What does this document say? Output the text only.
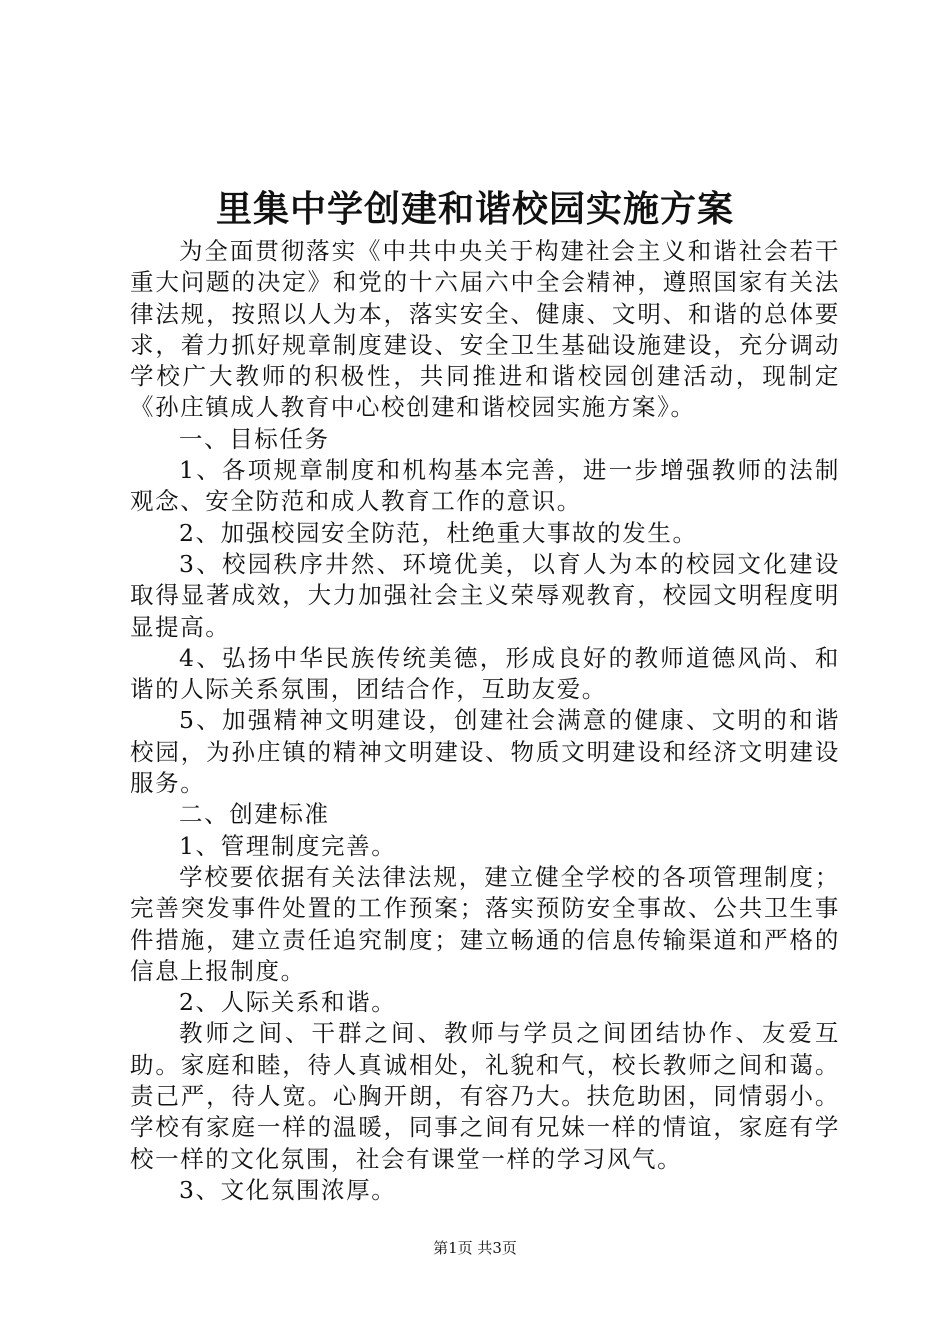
里集中学创建和谐校园实施方案

为全面贯彻落实《中共中央关于构建社会主义和谐社会若干重大问题的决定》和党的十六届六中全会精神，遵照国家有关法律法规，按照以人为本，落实安全、健康、文明、和谐的总体要求，着力抓好规章制度建设、安全卫生基础设施建设，充分调动学校广大教师的积极性，共同推进和谐校园创建活动，现制定《孙庄镇成人教育中心校创建和谐校园实施方案》。

一、目标任务

1、各项规章制度和机构基本完善，进一步增强教师的法制观念、安全防范和成人教育工作的意识。

2、加强校园安全防范，杜绝重大事故的发生。

3、校园秩序井然、环境优美，以育人为本的校园文化建设取得显著成效，大力加强社会主义荣辱观教育，校园文明程度明显提高。

4、弘扬中华民族传统美德，形成良好的教师道德风尚、和谐的人际关系氛围，团结合作，互助友爱。

5、加强精神文明建设，创建社会满意的健康、文明的和谐校园，为孙庄镇的精神文明建设、物质文明建设和经济文明建设服务。

二、创建标准

1、管理制度完善。

学校要依据有关法律法规，建立健全学校的各项管理制度；完善突发事件处置的工作预案；落实预防安全事故、公共卫生事件措施，建立责任追究制度；建立畅通的信息传输渠道和严格的信息上报制度。

2、人际关系和谐。

教师之间、干群之间、教师与学员之间团结协作、友爱互助。家庭和睦，待人真诚相处，礼貌和气，校长教师之间和蔼。责己严，待人宽。心胸开朗，有容乃大。扶危助困，同情弱小。学校有家庭一样的温暖，同事之间有兄妹一样的情谊，家庭有学校一样的文化氛围，社会有课堂一样的学习风气。

3、文化氛围浓厚。

第1页 共3页
